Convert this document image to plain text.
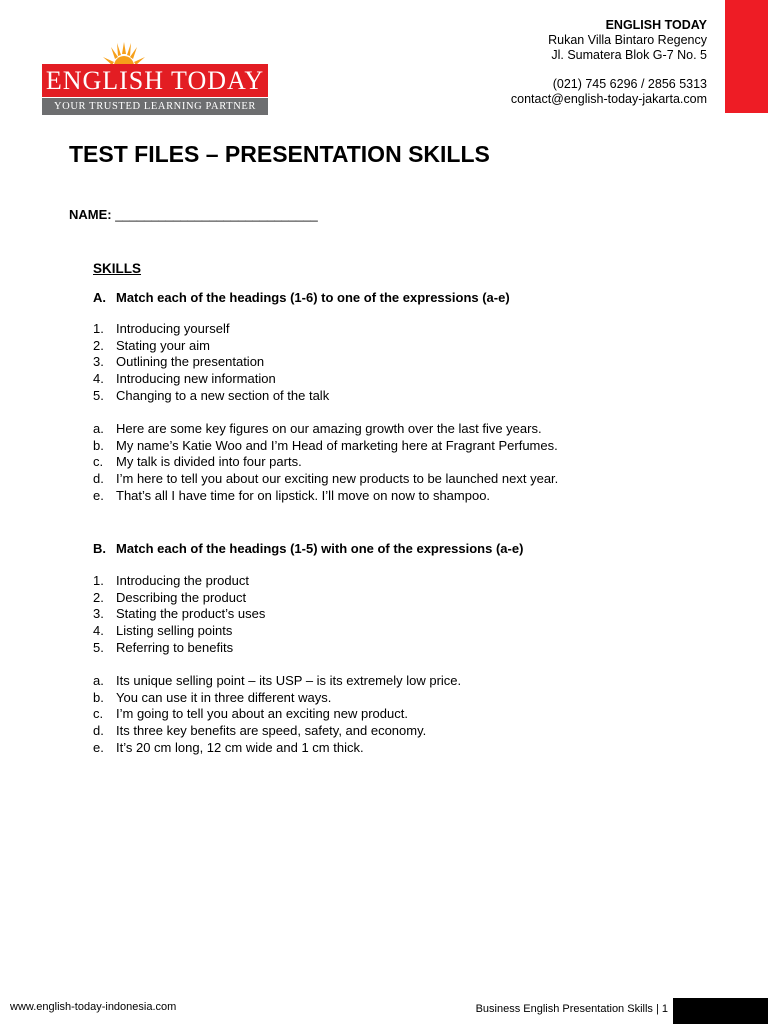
ENGLISH TODAY
YOUR TRUSTED LEARNING PARTNER
ENGLISH TODAY
Rukan Villa Bintaro Regency
Jl. Sumatera Blok G-7 No. 5
(021) 745 6296 / 2856 5313
contact@english-today-jakarta.com
TEST FILES – PRESENTATION SKILLS
NAME: ____________________________
SKILLS
A. Match each of the headings (1-6) to one of the expressions (a-e)
1. Introducing yourself
2. Stating your aim
3. Outlining the presentation
4. Introducing new information
5. Changing to a new section of the talk
a. Here are some key figures on our amazing growth over the last five years.
b. My name’s Katie Woo and I’m Head of marketing here at Fragrant Perfumes.
c. My talk is divided into four parts.
d. I’m here to tell you about our exciting new products to be launched next year.
e. That’s all I have time for on lipstick. I’ll move on now to shampoo.
B. Match each of the headings (1-5) with one of the expressions (a-e)
1. Introducing the product
2. Describing the product
3. Stating the product’s uses
4. Listing selling points
5. Referring to benefits
a. Its unique selling point – its USP – is its extremely low price.
b. You can use it in three different ways.
c. I’m going to tell you about an exciting new product.
d. Its three key benefits are speed, safety, and economy.
e. It’s 20 cm long, 12 cm wide and 1 cm thick.
www.english-today-indonesia.com	Business English Presentation Skills | 1
